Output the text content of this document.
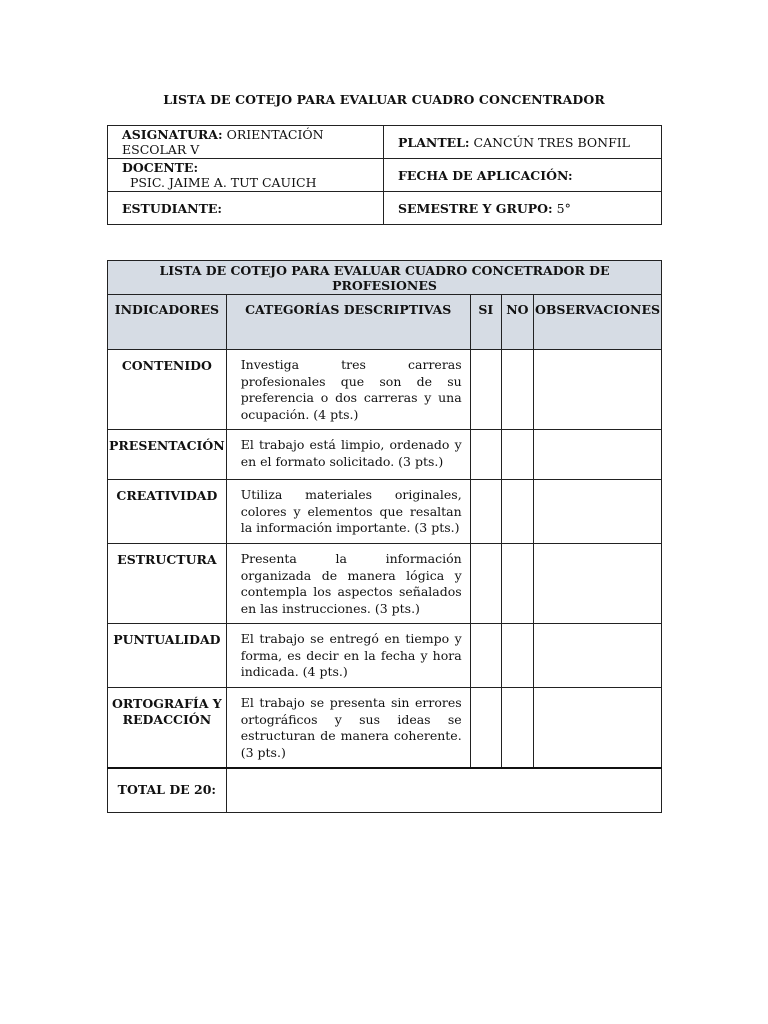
LISTA DE COTEJO PARA EVALUAR CUADRO CONCENTRADOR
ASIGNATURA: ORIENTACIÓN ESCOLAR V	PLANTEL: CANCÚN TRES BONFIL
DOCENTE:  PSIC. JAIME A. TUT CAUICH	FECHA DE APLICACIÓN:
ESTUDIANTE:	SEMESTRE Y GRUPO: 5°
LISTA DE COTEJO PARA EVALUAR CUADRO CONCETRADOR DE PROFESIONES				
INDICADORES	CATEGORÍAS DESCRIPTIVAS	SI	NO	OBSERVACIONES
CONTENIDO	Investiga tres carreras profesionales que son de su preferencia o dos carreras y una ocupación. (4 pts.)			
PRESENTACIÓN	El trabajo está limpio, ordenado y en el formato solicitado. (3 pts.)			
CREATIVIDAD	Utiliza materiales originales, colores y elementos que resaltan la información importante. (3 pts.)			
ESTRUCTURA	Presenta la información organizada de manera lógica y contempla los aspectos señalados en las instrucciones. (3 pts.)			
PUNTUALIDAD	El trabajo se entregó en tiempo y forma, es decir en la fecha y hora indicada. (4 pts.)			
ORTOGRAFÍA Y REDACCIÓN	El trabajo se presenta sin errores ortográficos y sus ideas se estructuran de manera coherente. (3 pts.)			
TOTAL DE 20:				
